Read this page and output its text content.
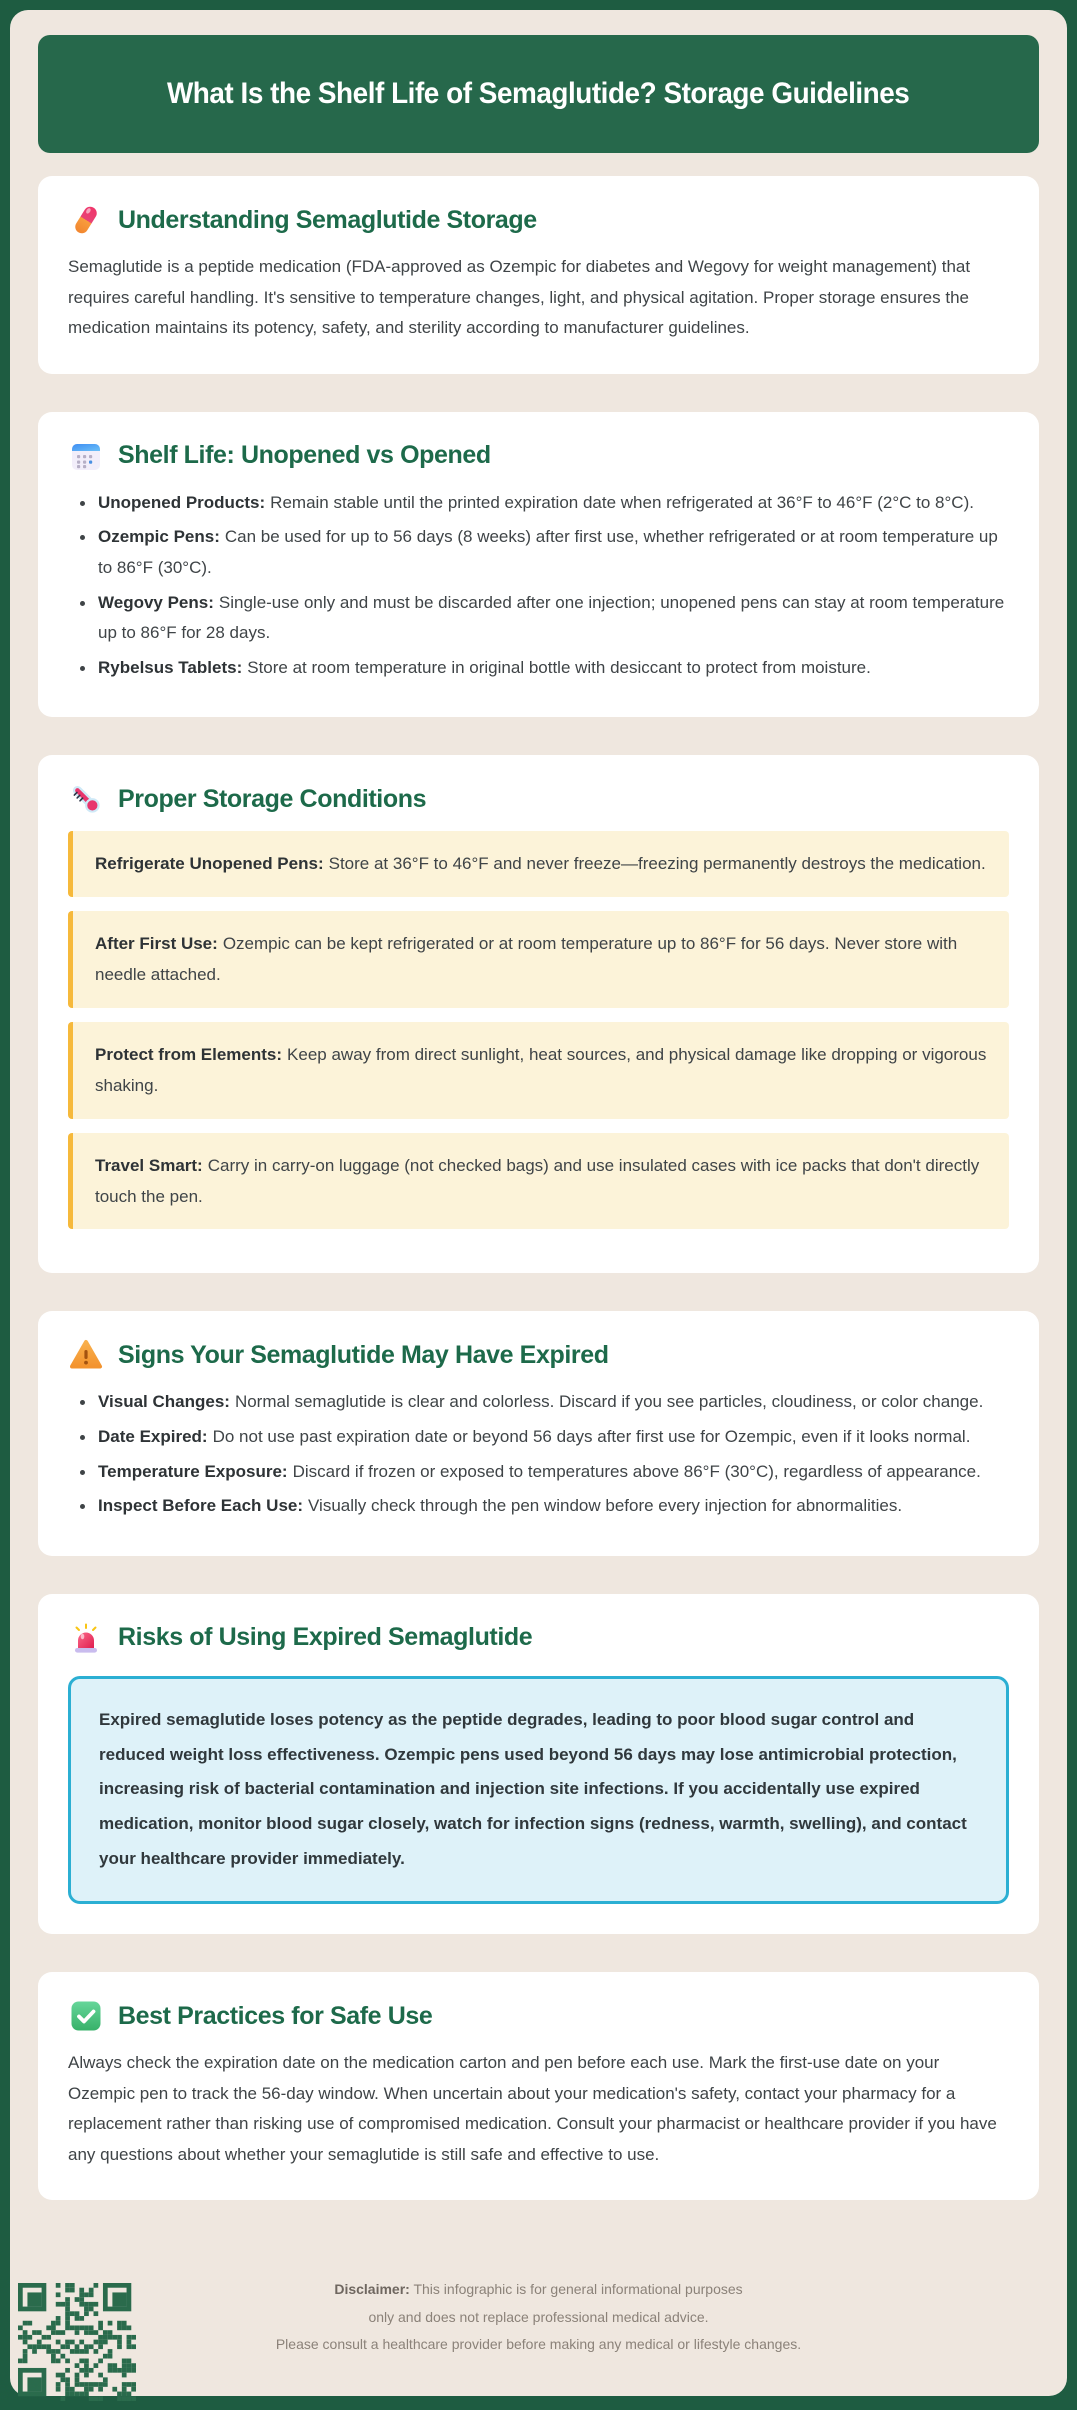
What Is the Shelf Life of Semaglutide? Storage Guidelines
Understanding Semaglutide Storage

Semaglutide is a peptide medication (FDA-approved as Ozempic for diabetes and Wegovy for weight management) that requires careful handling. It's sensitive to temperature changes, light, and physical agitation. Proper storage ensures the medication maintains its potency, safety, and sterility according to manufacturer guidelines.

Shelf Life: Unopened vs Opened
Unopened Products: Remain stable until the printed expiration date when refrigerated at 36°F to 46°F (2°C to 8°C).
Ozempic Pens: Can be used for up to 56 days (8 weeks) after first use, whether refrigerated or at room temperature up to 86°F (30°C).
Wegovy Pens: Single-use only and must be discarded after one injection; unopened pens can stay at room temperature up to 86°F for 28 days.
Rybelsus Tablets: Store at room temperature in original bottle with desiccant to protect from moisture.
Proper Storage Conditions
Refrigerate Unopened Pens: Store at 36°F to 46°F and never freeze—freezing permanently destroys the medication.
After First Use: Ozempic can be kept refrigerated or at room temperature up to 86°F for 56 days. Never store with needle attached.
Protect from Elements: Keep away from direct sunlight, heat sources, and physical damage like dropping or vigorous shaking.
Travel Smart: Carry in carry-on luggage (not checked bags) and use insulated cases with ice packs that don't directly touch the pen.
Signs Your Semaglutide May Have Expired
Visual Changes: Normal semaglutide is clear and colorless. Discard if you see particles, cloudiness, or color change.
Date Expired: Do not use past expiration date or beyond 56 days after first use for Ozempic, even if it looks normal.
Temperature Exposure: Discard if frozen or exposed to temperatures above 86°F (30°C), regardless of appearance.
Inspect Before Each Use: Visually check through the pen window before every injection for abnormalities.
Risks of Using Expired Semaglutide
Expired semaglutide loses potency as the peptide degrades, leading to poor blood sugar control and reduced weight loss effectiveness. Ozempic pens used beyond 56 days may lose antimicrobial protection, increasing risk of bacterial contamination and injection site infections. If you accidentally use expired medication, monitor blood sugar closely, watch for infection signs (redness, warmth, swelling), and contact your healthcare provider immediately.
Best Practices for Safe Use

Always check the expiration date on the medication carton and pen before each use. Mark the first-use date on your Ozempic pen to track the 56-day window. When uncertain about your medication's safety, contact your pharmacy for a replacement rather than risking use of compromised medication. Consult your pharmacist or healthcare provider if you have any questions about whether your semaglutide is still safe and effective to use.

Disclaimer: This infographic is for general informational purposes
only and does not replace professional medical advice.
Please consult a healthcare provider before making any medical or lifestyle changes.
